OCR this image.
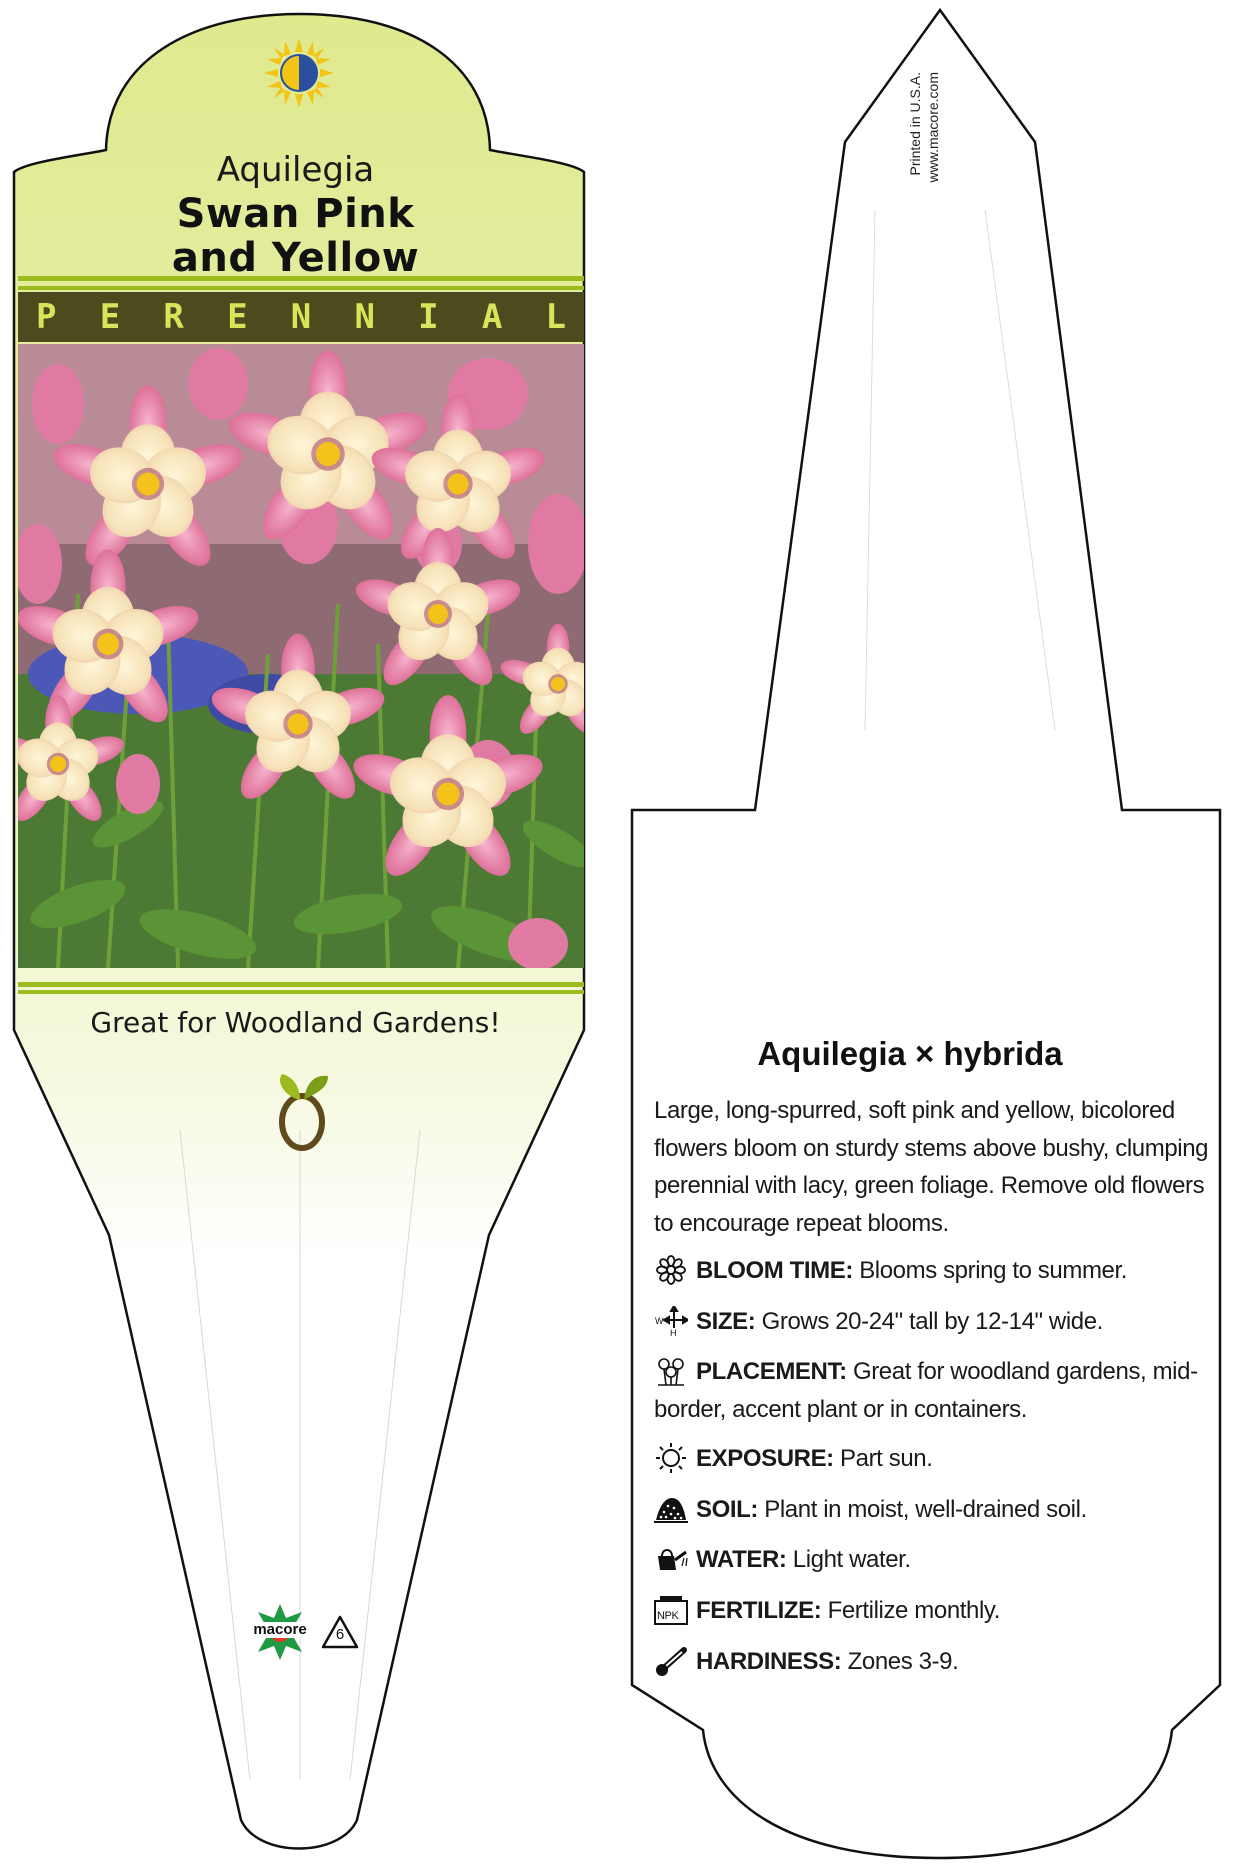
Aquilegia
Swan Pink
and Yellow
P E R E N N I A L
Great for Woodland Gardens!
macore	6
Printed in U.S.A. www.macore.com
Aquilegia × hybrida
Large, long-spurred, soft pink and yellow, bicolored flowers bloom on sturdy stems above bushy, clumping perennial with lacy, green foliage. Remove old flowers to encourage repeat blooms.
BLOOM TIME: Blooms spring to summer.
W
H SIZE: Grows 20-24" tall by 12-14" wide.
PLACEMENT: Great for woodland gardens, mid-border, accent plant or in containers.
EXPOSURE: Part sun.
SOIL: Plant in moist, well-drained soil.
WATER: Light water.
NPK FERTILIZE: Fertilize monthly.
HARDINESS: Zones 3-9.
